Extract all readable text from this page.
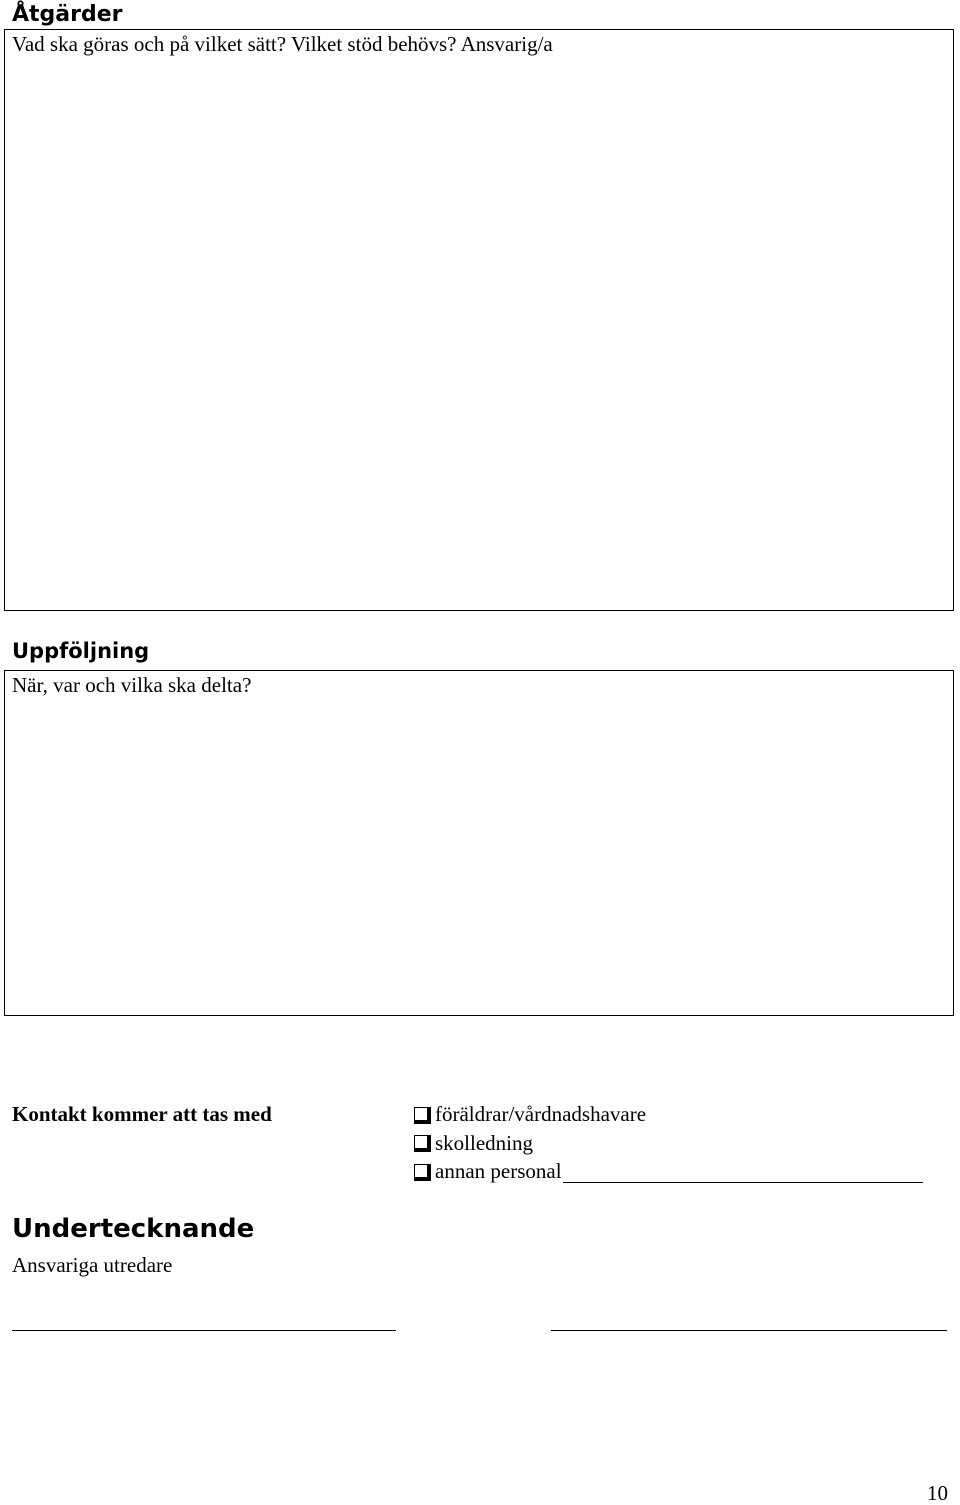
Åtgärder
Vad ska göras och på vilket sätt? Vilket stöd behövs? Ansvarig/a
Uppföljning
När, var och vilka ska delta?
Kontakt kommer att tas med	föräldrar/vårdnadshavare
skolledning
annan personal
Undertecknande
Ansvariga utredare
10
